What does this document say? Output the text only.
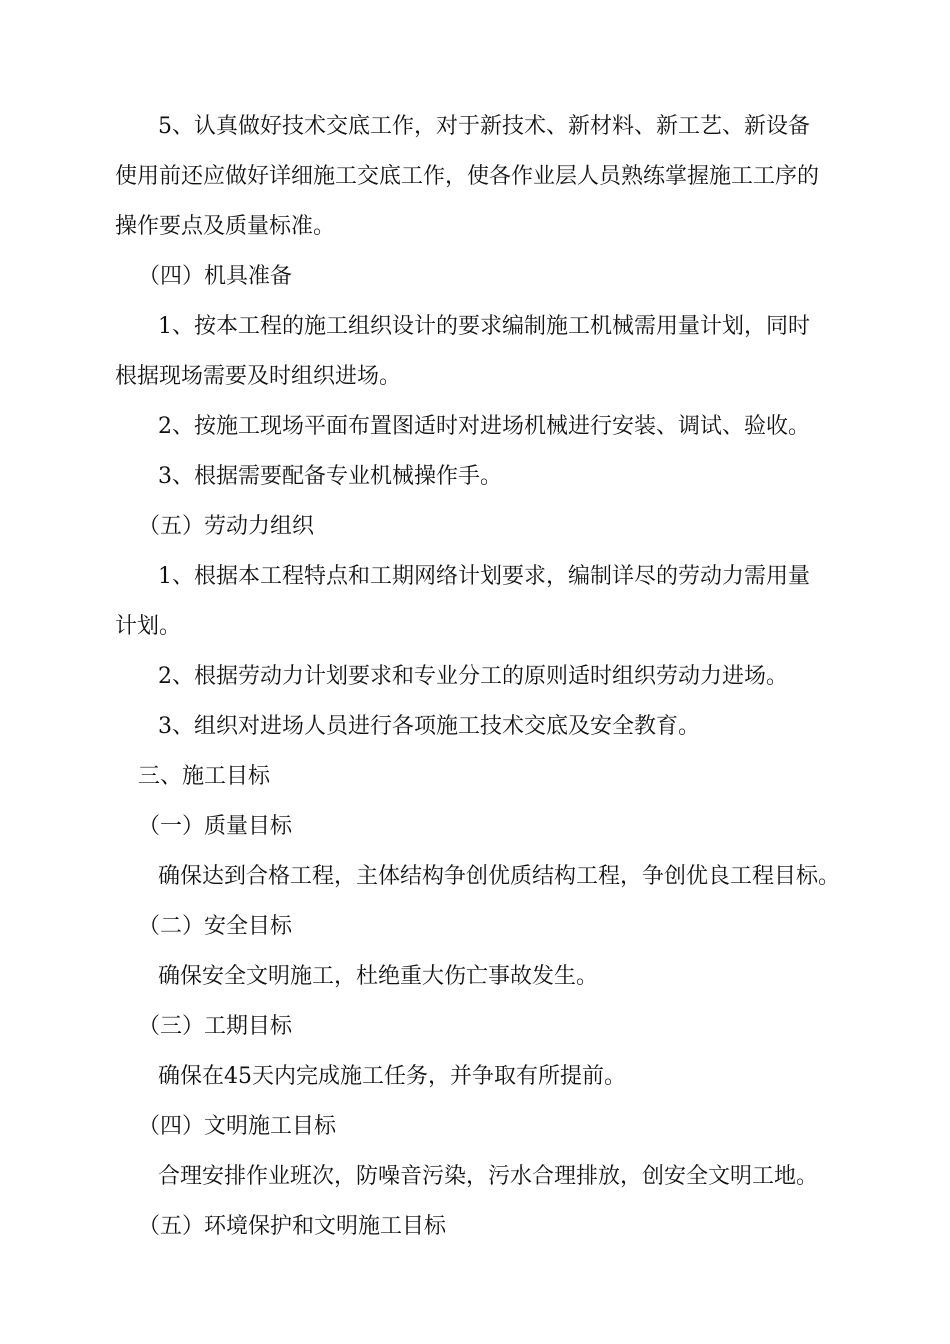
5、认真做好技术交底工作，对于新技术、新材料、新工艺、新设备
使用前还应做好详细施工交底工作，使各作业层人员熟练掌握施工工序的
操作要点及质量标准。
（四）机具准备
1、按本工程的施工组织设计的要求编制施工机械需用量计划，同时
根据现场需要及时组织进场。
2、按施工现场平面布置图适时对进场机械进行安装、调试、验收。
3、根据需要配备专业机械操作手。
（五）劳动力组织
1、根据本工程特点和工期网络计划要求，编制详尽的劳动力需用量
计划。
2、根据劳动力计划要求和专业分工的原则适时组织劳动力进场。
3、组织对进场人员进行各项施工技术交底及安全教育。
三、施工目标
（一）质量目标
确保达到合格工程，主体结构争创优质结构工程，争创优良工程目标。
（二）安全目标
确保安全文明施工，杜绝重大伤亡事故发生。
（三）工期目标
确保在45天内完成施工任务，并争取有所提前。
（四）文明施工目标
合理安排作业班次，防噪音污染，污水合理排放，创安全文明工地。
（五）环境保护和文明施工目标
